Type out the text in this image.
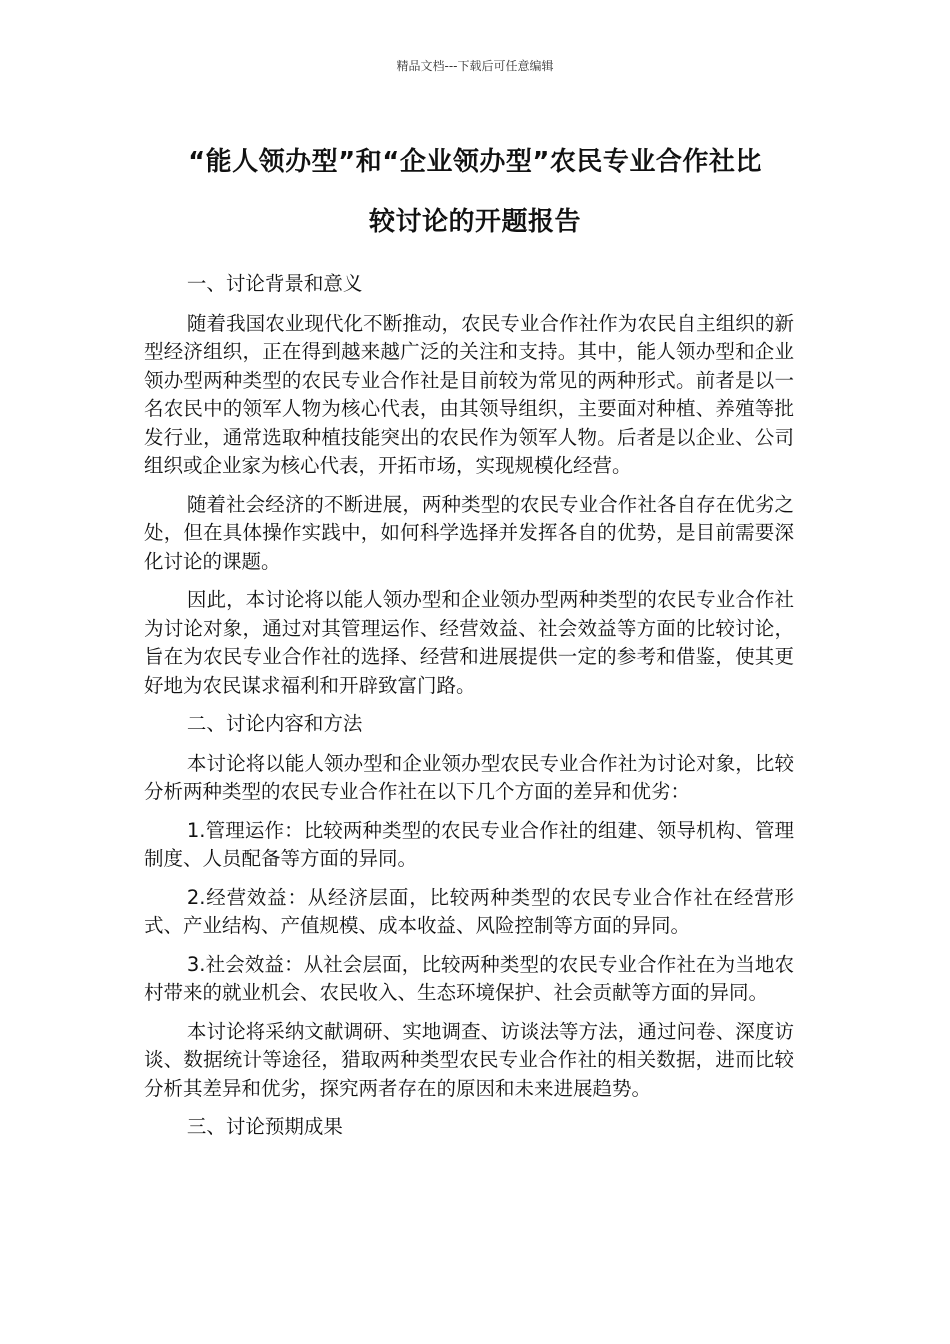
精品文档---下载后可任意编辑
“能人领办型”和“企业领办型”农民专业合作社比
较讨论的开题报告

一、讨论背景和意义

随着我国农业现代化不断推动，农民专业合作社作为农民自主组织的新型经济组织，正在得到越来越广泛的关注和支持。其中，能人领办型和企业领办型两种类型的农民专业合作社是目前较为常见的两种形式。前者是以一名农民中的领军人物为核心代表，由其领导组织，主要面对种植、养殖等批发行业，通常选取种植技能突出的农民作为领军人物。后者是以企业、公司组织或企业家为核心代表，开拓市场，实现规模化经营。

随着社会经济的不断进展，两种类型的农民专业合作社各自存在优劣之处，但在具体操作实践中，如何科学选择并发挥各自的优势，是目前需要深化讨论的课题。

因此，本讨论将以能人领办型和企业领办型两种类型的农民专业合作社为讨论对象，通过对其管理运作、经营效益、社会效益等方面的比较讨论，旨在为农民专业合作社的选择、经营和进展提供一定的参考和借鉴，使其更好地为农民谋求福利和开辟致富门路。

二、讨论内容和方法

本讨论将以能人领办型和企业领办型农民专业合作社为讨论对象，比较分析两种类型的农民专业合作社在以下几个方面的差异和优劣：

1.管理运作：比较两种类型的农民专业合作社的组建、领导机构、管理制度、人员配备等方面的异同。

2.经营效益：从经济层面，比较两种类型的农民专业合作社在经营形式、产业结构、产值规模、成本收益、风险控制等方面的异同。

3.社会效益：从社会层面，比较两种类型的农民专业合作社在为当地农村带来的就业机会、农民收入、生态环境保护、社会贡献等方面的异同。

本讨论将采纳文献调研、实地调查、访谈法等方法，通过问卷、深度访谈、数据统计等途径，猎取两种类型农民专业合作社的相关数据，进而比较分析其差异和优劣，探究两者存在的原因和未来进展趋势。

三、讨论预期成果
